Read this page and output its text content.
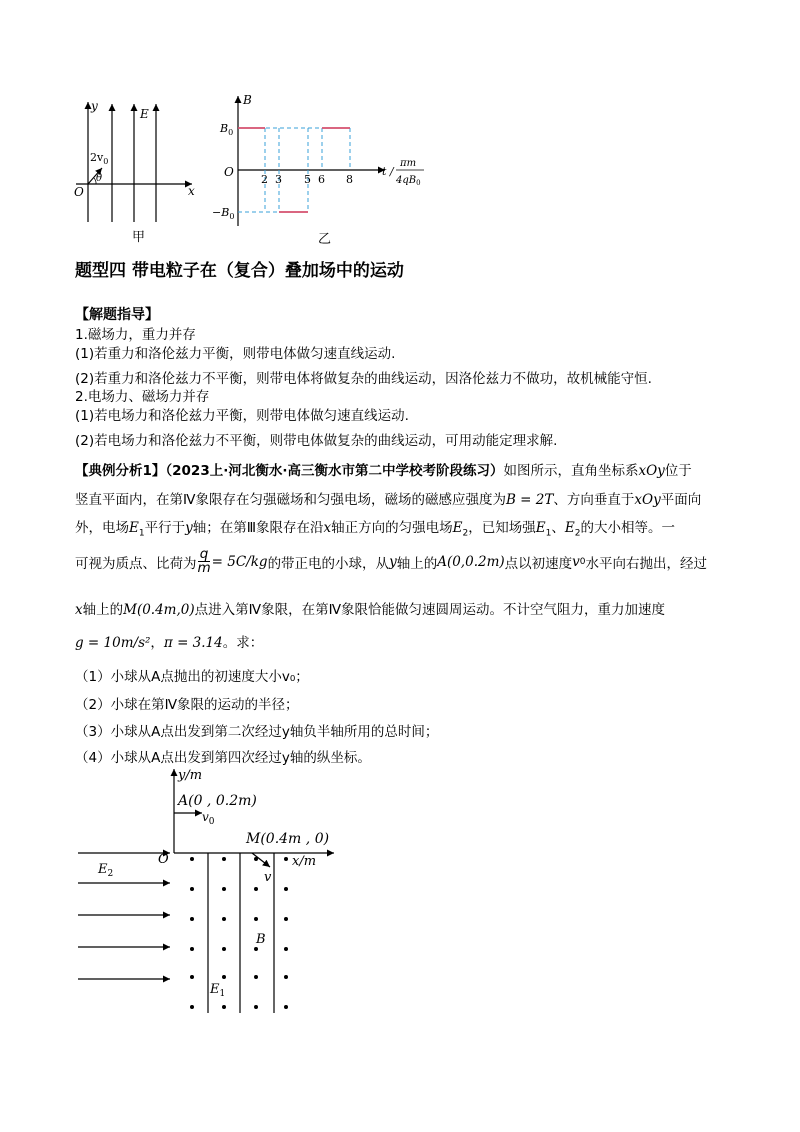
y
E
$2v_0$
θ
O	x
甲
B
$B_0$
$-B_0$
O
2 3 5 6 8
t /
πm
$4qB_0$
乙
题型四 带电粒子在（复合）叠加场中的运动
【解题指导】
1.磁场力，重力并存
(1)若重力和洛伦兹力平衡，则带电体做匀速直线运动.
(2)若重力和洛伦兹力不平衡，则带电体将做复杂的曲线运动，因洛伦兹力不做功，故机械能守恒.
2.电场力、磁场力并存
(1)若电场力和洛伦兹力平衡，则带电体做匀速直线运动.
(2)若电场力和洛伦兹力不平衡，则带电体做复杂的曲线运动，可用动能定理求解.
【典例分析1】（2023上·河北衡水·高三衡水市第二中学校考阶段练习）如图所示，直角坐标系xOy位于
竖直平面内，在第Ⅳ象限存在匀强磁场和匀强电场，磁场的磁感应强度为B = 2T、方向垂直于xOy平面向
外，电场$E_1$平行于y轴；在第Ⅲ象限存在沿x轴正方向的匀强电场$E_2$，已知场强$E_1$、$E_2$的大小相等。一
可视为质点、比荷为 $\frac{q}{m} = 5C/kg$ 的带正电的小球，从 y 轴上的 A(0,0.2m) 点以初速度 v 0 水平向右抛出，经过
x轴上的M(0.4m,0)点进入第Ⅳ象限，在第Ⅳ象限恰能做匀速圆周运动。不计空气阻力，重力加速度
g = 10m/s²，π = 3.14。求：
（1）小球从A点抛出的初速度大小v₀；
（2）小球在第Ⅳ象限的运动的半径；
（3）小球从A点出发到第二次经过y轴负半轴所用的总时间；
（4）小球从A点出发到第四次经过y轴的纵坐标。
y/m
A(0 , 0.2m)
$v_0$
M(0.4m , 0)
O	x/m
v
$E_2$
B
$E_1$
